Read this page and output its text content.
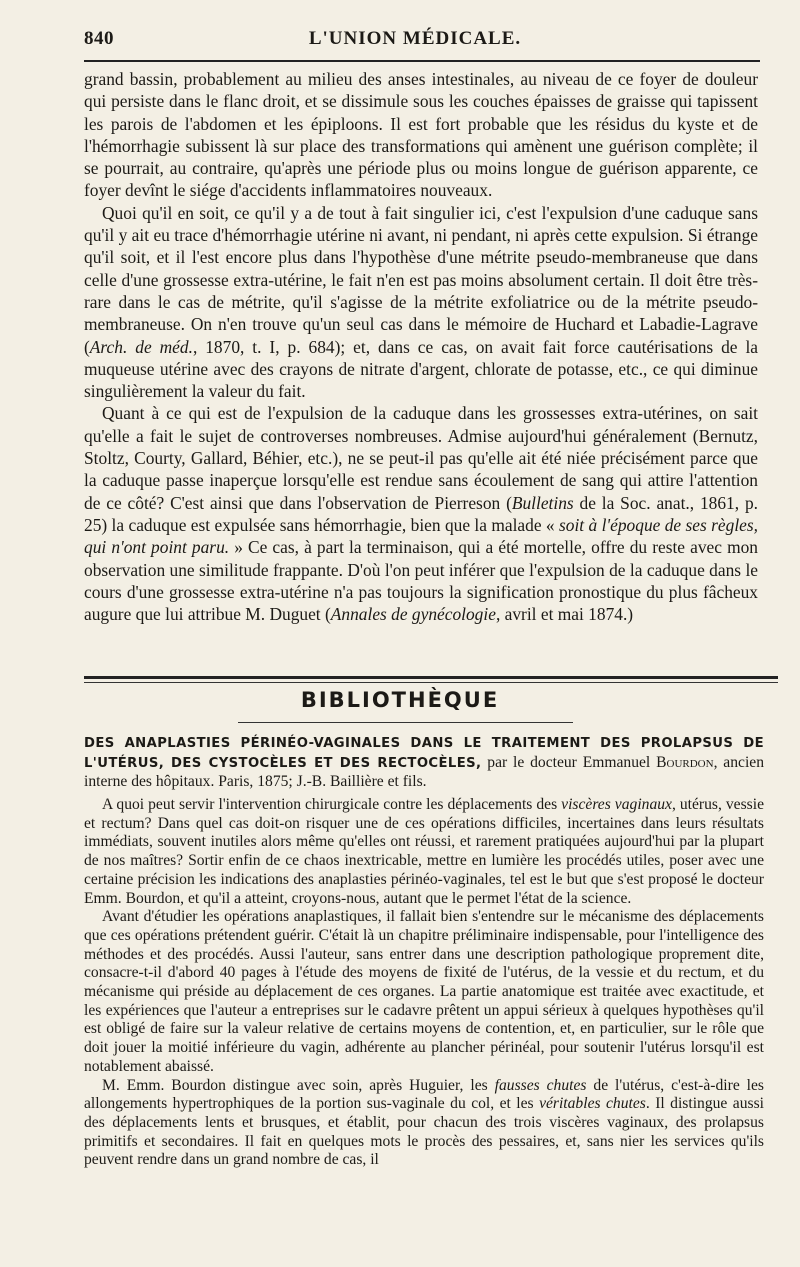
840	L'UNION MÉDICALE.

grand bassin, probablement au milieu des anses intestinales, au niveau de ce foyer de douleur qui persiste dans le flanc droit, et se dissimule sous les couches épaisses de graisse qui tapissent les parois de l'abdomen et les épiploons. Il est fort probable que les résidus du kyste et de l'hémorrhagie subissent là sur place des transformations qui amènent une guérison complète; il se pourrait, au contraire, qu'après une période plus ou moins longue de guérison apparente, ce foyer devînt le siége d'accidents inflammatoires nouveaux.

Quoi qu'il en soit, ce qu'il y a de tout à fait singulier ici, c'est l'expulsion d'une caduque sans qu'il y ait eu trace d'hémorrhagie utérine ni avant, ni pendant, ni après cette expulsion. Si étrange qu'il soit, et il l'est encore plus dans l'hypothèse d'une métrite pseudo-membraneuse que dans celle d'une grossesse extra-utérine, le fait n'en est pas moins absolument certain. Il doit être très-rare dans le cas de métrite, qu'il s'agisse de la métrite exfoliatrice ou de la métrite pseudo-membraneuse. On n'en trouve qu'un seul cas dans le mémoire de Huchard et Labadie-Lagrave (Arch. de méd., 1870, t. I, p. 684); et, dans ce cas, on avait fait force cautérisations de la muqueuse utérine avec des crayons de nitrate d'argent, chlorate de potasse, etc., ce qui diminue singulièrement la valeur du fait.

Quant à ce qui est de l'expulsion de la caduque dans les grossesses extra-utérines, on sait qu'elle a fait le sujet de controverses nombreuses. Admise aujourd'hui généralement (Bernutz, Stoltz, Courty, Gallard, Béhier, etc.), ne se peut-il pas qu'elle ait été niée précisément parce que la caduque passe inaperçue lorsqu'elle est rendue sans écoulement de sang qui attire l'attention de ce côté? C'est ainsi que dans l'observation de Pierreson (Bulletins de la Soc. anat., 1861, p. 25) la caduque est expulsée sans hémorrhagie, bien que la malade « soit à l'époque de ses règles, qui n'ont point paru. » Ce cas, à part la terminaison, qui a été mortelle, offre du reste avec mon observation une similitude frappante. D'où l'on peut inférer que l'expulsion de la caduque dans le cours d'une grossesse extra-utérine n'a pas toujours la signification pronostique du plus fâcheux augure que lui attribue M. Duguet (Annales de gynécologie, avril et mai 1874.)

BIBLIOTHÈQUE
DES ANAPLASTIES PÉRINÉO-VAGINALES DANS LE TRAITEMENT DES PROLAPSUS DE L'UTÉRUS, DES CYSTOCÈLES ET DES RECTOCÈLES, par le docteur Emmanuel Bourdon, ancien interne des hôpitaux. Paris, 1875; J.-B. Baillière et fils.

A quoi peut servir l'intervention chirurgicale contre les déplacements des viscères vaginaux, utérus, vessie et rectum? Dans quel cas doit-on risquer une de ces opérations difficiles, incertaines dans leurs résultats immédiats, souvent inutiles alors même qu'elles ont réussi, et rarement pratiquées aujourd'hui par la plupart de nos maîtres? Sortir enfin de ce chaos inextricable, mettre en lumière les procédés utiles, poser avec une certaine précision les indications des anaplasties périnéo-vaginales, tel est le but que s'est proposé le docteur Emm. Bourdon, et qu'il a atteint, croyons-nous, autant que le permet l'état de la science.

Avant d'étudier les opérations anaplastiques, il fallait bien s'entendre sur le mécanisme des déplacements que ces opérations prétendent guérir. C'était là un chapitre préliminaire indispensable, pour l'intelligence des méthodes et des procédés. Aussi l'auteur, sans entrer dans une description pathologique proprement dite, consacre-t-il d'abord 40 pages à l'étude des moyens de fixité de l'utérus, de la vessie et du rectum, et du mécanisme qui préside au déplacement de ces organes. La partie anatomique est traitée avec exactitude, et les expériences que l'auteur a entreprises sur le cadavre prêtent un appui sérieux à quelques hypothèses qu'il est obligé de faire sur la valeur relative de certains moyens de contention, et, en particulier, sur le rôle que doit jouer la moitié inférieure du vagin, adhérente au plancher périnéal, pour soutenir l'utérus lorsqu'il est notablement abaissé.

M. Emm. Bourdon distingue avec soin, après Huguier, les fausses chutes de l'utérus, c'est-à-dire les allongements hypertrophiques de la portion sus-vaginale du col, et les véritables chutes. Il distingue aussi des déplacements lents et brusques, et établit, pour chacun des trois viscères vaginaux, des prolapsus primitifs et secondaires. Il fait en quelques mots le procès des pessaires, et, sans nier les services qu'ils peuvent rendre dans un grand nombre de cas, il
